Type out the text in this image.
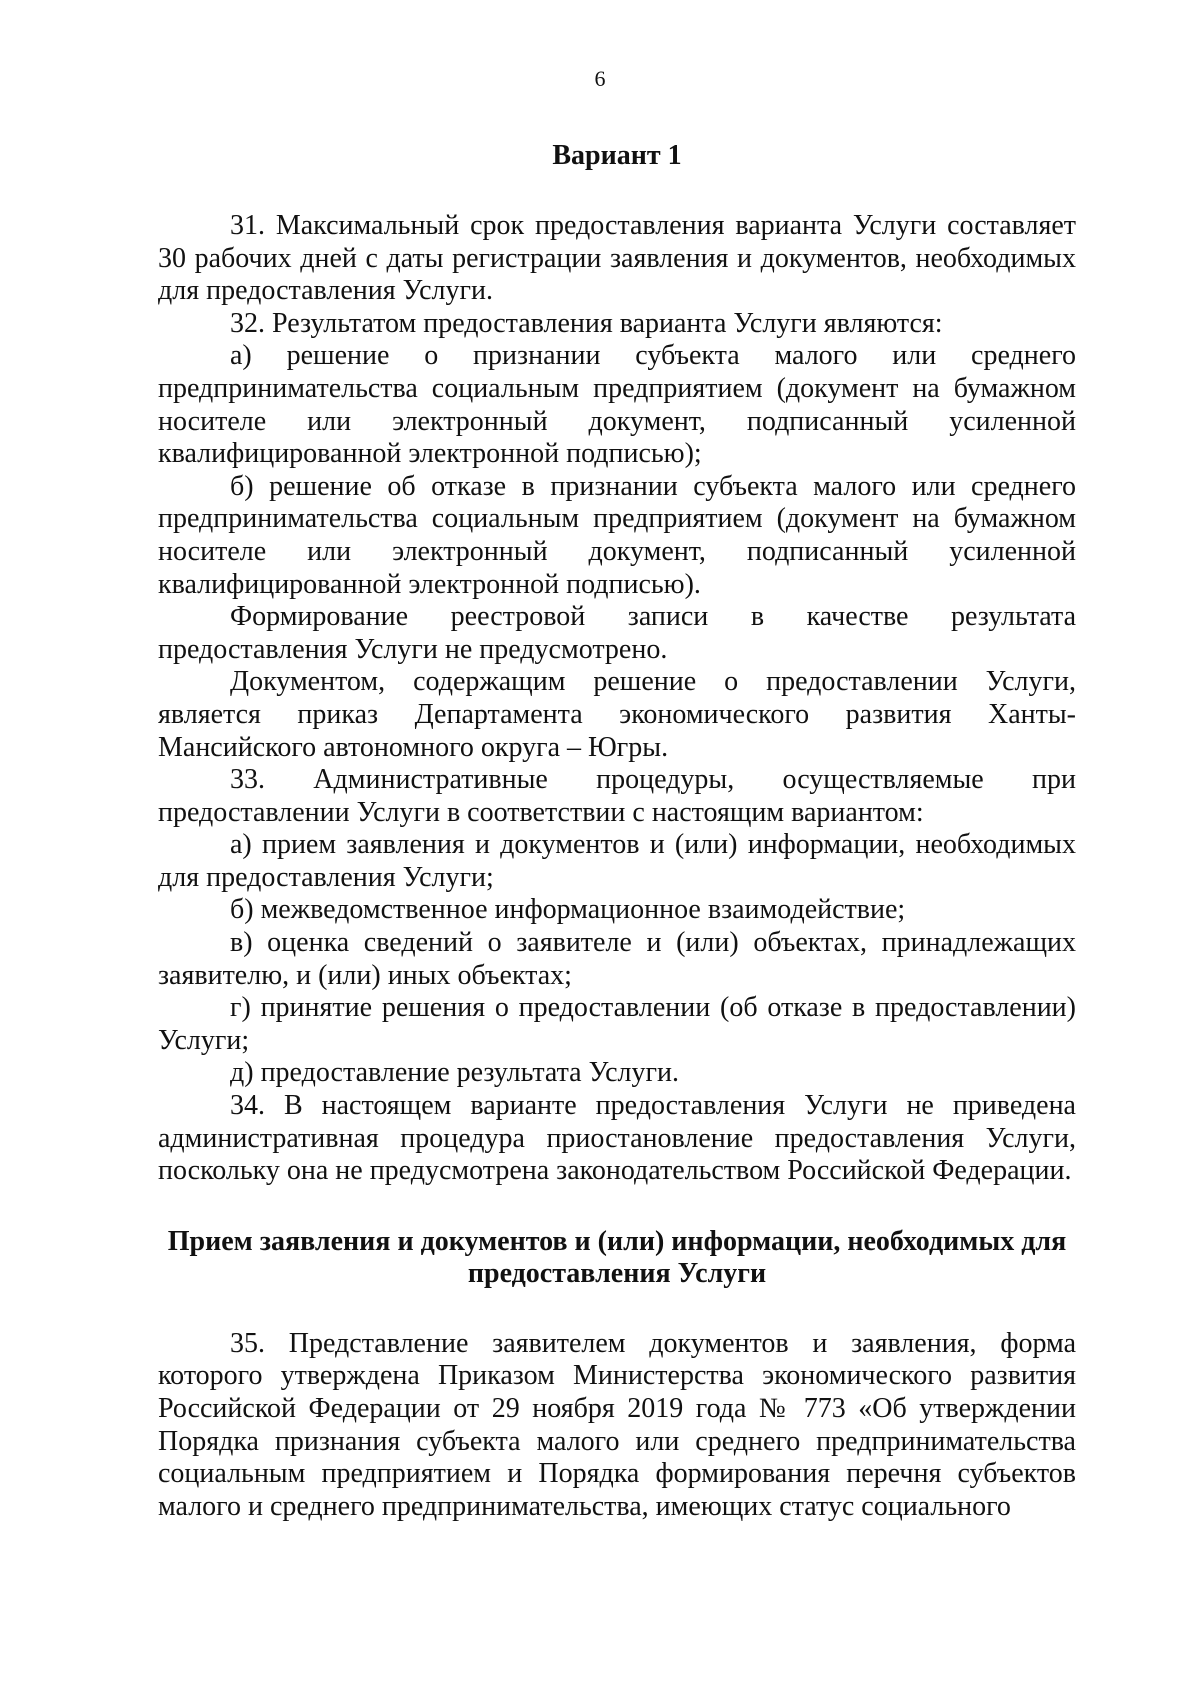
6

Вариант 1

31. Максимальный срок предоставления варианта Услуги составляет 30 рабочих дней с даты регистрации заявления и документов, необходимых для предоставления Услуги.

32. Результатом предоставления варианта Услуги являются:

а) решение о признании субъекта малого или среднего предпринимательства социальным предприятием (документ на бумажном носителе или электронный документ, подписанный усиленной квалифицированной электронной подписью);

б) решение об отказе в признании субъекта малого или среднего предпринимательства социальным предприятием (документ на бумажном носителе или электронный документ, подписанный усиленной квалифицированной электронной подписью).

Формирование реестровой записи в качестве результата предоставления Услуги не предусмотрено.

Документом, содержащим решение о предоставлении Услуги, является приказ Департамента экономического развития Ханты-Мансийского автономного округа – Югры.

33. Административные процедуры, осуществляемые при предоставлении Услуги в соответствии с настоящим вариантом:

а) прием заявления и документов и (или) информации, необходимых для предоставления Услуги;

б) межведомственное информационное взаимодействие;

в) оценка сведений о заявителе и (или) объектах, принадлежащих заявителю, и (или) иных объектах;

г) принятие решения о предоставлении (об отказе в предоставлении) Услуги;

д) предоставление результата Услуги.

34. В настоящем варианте предоставления Услуги не приведена административная процедура приостановление предоставления Услуги, поскольку она не предусмотрена законодательством Российской Федерации.

Прием заявления и документов и (или) информации, необходимых для предоставления Услуги

35. Представление заявителем документов и заявления, форма которого утверждена Приказом Министерства экономического развития Российской Федерации от 29 ноября 2019 года № 773 «Об утверждении Порядка признания субъекта малого или среднего предпринимательства социальным предприятием и Порядка формирования перечня субъектов малого и среднего предпринимательства, имеющих статус социального
